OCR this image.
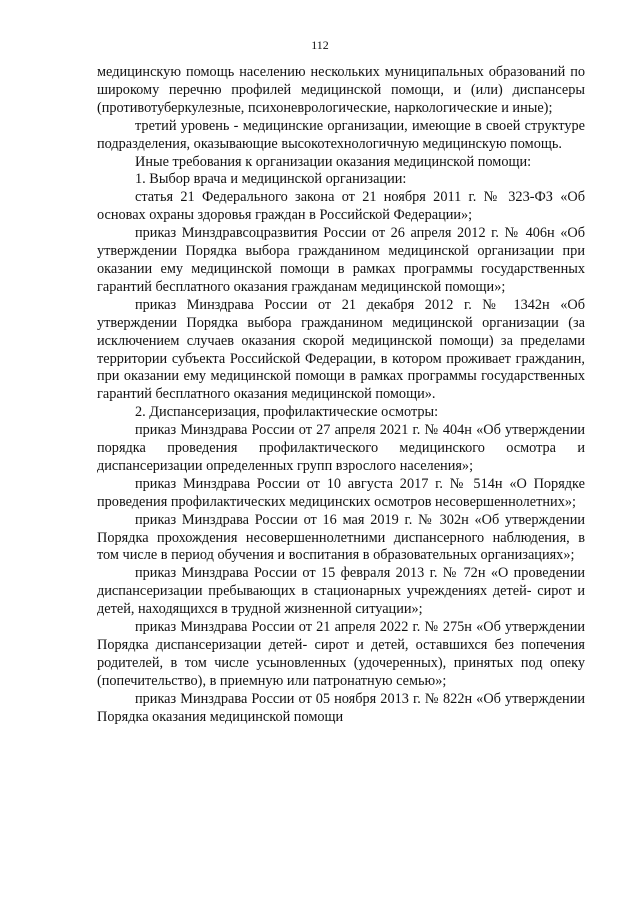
112

медицинскую помощь населению нескольких муниципальных образований по широкому перечню профилей медицинской помощи, и (или) диспансеры (противотуберкулезные, психоневрологические, наркологические и иные);

третий уровень - медицинские организации, имеющие в своей структуре подразделения, оказывающие высокотехнологичную медицинскую помощь.

Иные требования к организации оказания медицинской помощи:

1. Выбор врача и медицинской организации:

статья 21 Федерального закона от 21 ноября 2011 г. № 323-ФЗ «Об основах охраны здоровья граждан в Российской Федерации»;

приказ Минздравсоцразвития России от 26 апреля 2012 г. № 406н «Об утверждении Порядка выбора гражданином медицинской организации при оказании ему медицинской помощи в рамках программы государственных гарантий бесплатного оказания гражданам медицинской помощи»;

приказ Минздрава России от 21 декабря 2012 г. № 1342н «Об утверждении Порядка выбора гражданином медицинской организации (за исключением случаев оказания скорой медицинской помощи) за пределами территории субъекта Российской Федерации, в котором проживает гражданин, при оказании ему медицинской помощи в рамках программы государственных гарантий бесплатного оказания медицинской помощи».

2. Диспансеризация, профилактические осмотры:

приказ Минздрава России от 27 апреля 2021 г. № 404н «Об утверждении порядка проведения профилактического медицинского осмотра и диспансеризации определенных групп взрослого населения»;

приказ Минздрава России от 10 августа 2017 г. № 514н «О Порядке проведения профилактических медицинских осмотров несовершеннолетних»;

приказ Минздрава России от 16 мая 2019 г. № 302н «Об утверждении Порядка прохождения несовершеннолетними диспансерного наблюдения, в том числе в период обучения и воспитания в образовательных организациях»;

приказ Минздрава России от 15 февраля 2013 г. № 72н «О проведении диспансеризации пребывающих в стационарных учреждениях детей- сирот и детей, находящихся в трудной жизненной ситуации»;

приказ Минздрава России от 21 апреля 2022 г. № 275н «Об утверждении Порядка диспансеризации детей- сирот и детей, оставшихся без попечения родителей, в том числе усыновленных (удочеренных), принятых под опеку (попечительство), в приемную или патронатную семью»;

приказ Минздрава России от 05 ноября 2013 г. № 822н «Об утверждении Порядка оказания медицинской помощи
